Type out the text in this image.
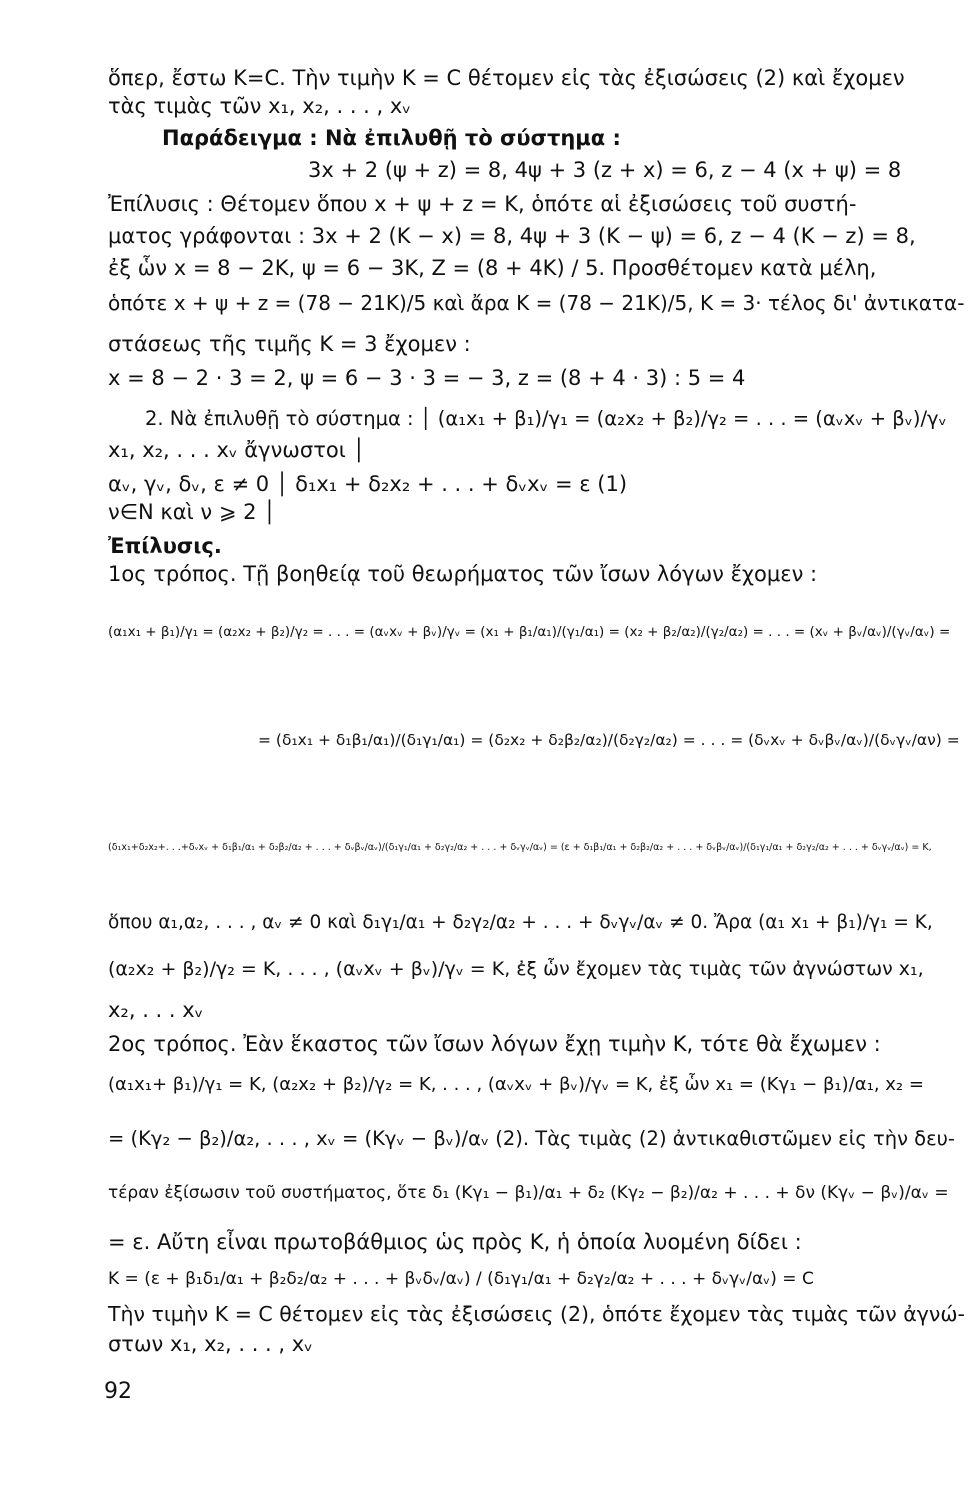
ὅπερ, ἔστω K=C. Τὴν τιμὴν K = C θέτομεν εἰς τὰς ἐξισώσεις (2) καὶ ἔχομεν
τὰς τιμὰς τῶν x₁, x₂, . . . , xᵥ
Παράδειγμα : Νὰ ἐπιλυθῇ τὸ σύστημα :
3x + 2 (ψ + z) = 8, 4ψ + 3 (z + x) = 6, z − 4 (x + ψ) = 8
Ἐπίλυσις : Θέτομεν ὅπου x + ψ + z = K, ὁπότε αἱ ἐξισώσεις τοῦ συστή-
ματος γράφονται : 3x + 2 (K − x) = 8, 4ψ + 3 (K − ψ) = 6, z − 4 (K − z) = 8,
ἐξ ὧν x = 8 − 2K, ψ = 6 − 3K, Z = (8 + 4K) / 5. Προσθέτομεν κατὰ μέλη,
ὁπότε x + ψ + z = (78 − 21K)/5 καὶ ἄρα K = (78 − 21K)/5, K = 3· τέλος δι' ἀντικατα-
στάσεως τῆς τιμῆς K = 3 ἔχομεν :
x = 8 − 2 · 3 = 2, ψ = 6 − 3 · 3 = − 3, z = (8 + 4 · 3) : 5 = 4
2. Νὰ ἐπιλυθῇ τὸ σύστημα : │ (α₁x₁ + β₁)/γ₁ = (α₂x₂ + β₂)/γ₂ = . . . = (αᵥxᵥ + βᵥ)/γᵥ
x₁, x₂, . . . xᵥ ἄγνωστοι │
αᵥ, γᵥ, δᵥ, ε ≠ 0 │ δ₁x₁ + δ₂x₂ + . . . + δᵥxᵥ = ε (1)
ν∈N καὶ ν ⩾ 2 │
Ἐπίλυσις.
1ος τρόπος. Τῇ βοηθείᾳ τοῦ θεωρήματος τῶν ἴσων λόγων ἔχομεν :
(α₁x₁ + β₁)/γ₁ = (α₂x₂ + β₂)/γ₂ = . . . = (αᵥxᵥ + βᵥ)/γᵥ = (x₁ + β₁/α₁)/(γ₁/α₁) = (x₂ + β₂/α₂)/(γ₂/α₂) = . . . = (xᵥ + βᵥ/αᵥ)/(γᵥ/αᵥ) =
= (δ₁x₁ + δ₁β₁/α₁)/(δ₁γ₁/α₁) = (δ₂x₂ + δ₂β₂/α₂)/(δ₂γ₂/α₂) = . . . = (δᵥxᵥ + δᵥβᵥ/αᵥ)/(δᵥγᵥ/αν) =
(δ₁x₁+δ₂x₂+. . .+δᵥxᵥ + δ₁β₁/α₁ + δ₂β₂/α₂ + . . . + δᵥβᵥ/αᵥ)/(δ₁γ₁/α₁ + δ₂γ₂/α₂ + . . . + δᵥγᵥ/αᵥ) = (ε + δ₁β₁/α₁ + δ₂β₂/α₂ + . . . + δᵥβᵥ/αᵥ)/(δ₁γ₁/α₁ + δ₂γ₂/α₂ + . . . + δᵥγᵥ/αᵥ) = K,
ὅπου α₁,α₂, . . . , αᵥ ≠ 0 καὶ δ₁γ₁/α₁ + δ₂γ₂/α₂ + . . . + δᵥγᵥ/αᵥ ≠ 0. Ἄρα (α₁ x₁ + β₁)/γ₁ = K,
(α₂x₂ + β₂)/γ₂ = K, . . . , (αᵥxᵥ + βᵥ)/γᵥ = K, ἐξ ὧν ἔχομεν τὰς τιμὰς τῶν ἀγνώστων x₁,
x₂, . . . xᵥ
2ος τρόπος. Ἐὰν ἕκαστος τῶν ἴσων λόγων ἔχῃ τιμὴν K, τότε θὰ ἔχωμεν :
(α₁x₁+ β₁)/γ₁ = K, (α₂x₂ + β₂)/γ₂ = K, . . . , (αᵥxᵥ + βᵥ)/γᵥ = K, ἐξ ὧν x₁ = (Kγ₁ − β₁)/α₁, x₂ =
= (Kγ₂ − β₂)/α₂, . . . , xᵥ = (Kγᵥ − βᵥ)/αᵥ (2). Τὰς τιμὰς (2) ἀντικαθιστῶμεν εἰς τὴν δευ-
τέραν ἐξίσωσιν τοῦ συστήματος, ὅτε δ₁ (Kγ₁ − β₁)/α₁ + δ₂ (Kγ₂ − β₂)/α₂ + . . . + δν (Kγᵥ − βᵥ)/αᵥ =
= ε. Αὔτη εἶναι πρωτοβάθμιος ὡς πρὸς K, ἡ ὁποία λυομένη δίδει :
K = (ε + β₁δ₁/α₁ + β₂δ₂/α₂ + . . . + βᵥδᵥ/αᵥ) / (δ₁γ₁/α₁ + δ₂γ₂/α₂ + . . . + δᵥγᵥ/αᵥ) = C
Τὴν τιμὴν K = C θέτομεν εἰς τὰς ἐξισώσεις (2), ὁπότε ἔχομεν τὰς τιμὰς τῶν ἀγνώ-
στων x₁, x₂, . . . , xᵥ
92
